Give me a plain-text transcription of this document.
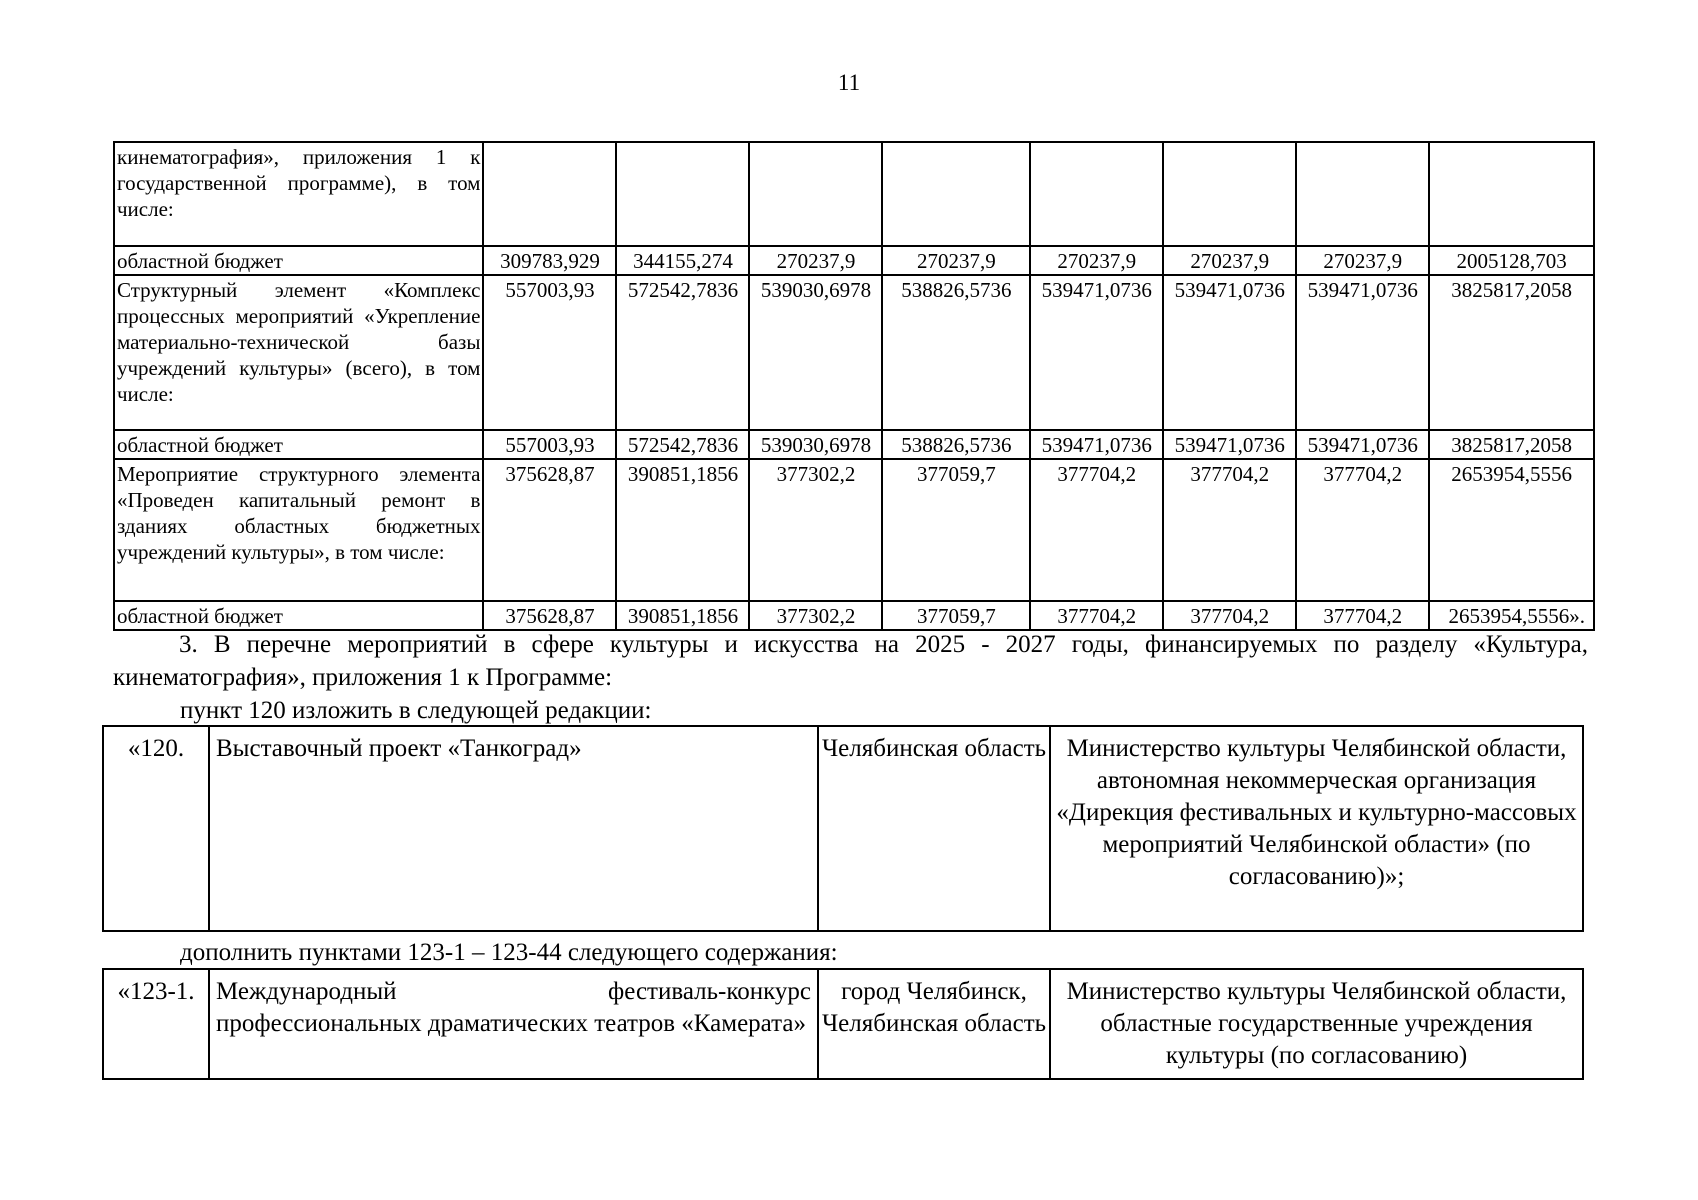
11
кинематография», приложения 1 к государственной программе), в том числе:								
областной бюджет	309783,929	344155,274	270237,9	270237,9	270237,9	270237,9	270237,9	2005128,703
Структурный элемент «Комплекс процессных мероприятий «Укрепление материально-технической базы учреждений культуры» (всего), в том числе:	557003,93	572542,7836	539030,6978	538826,5736	539471,0736	539471,0736	539471,0736	3825817,2058
областной бюджет	557003,93	572542,7836	539030,6978	538826,5736	539471,0736	539471,0736	539471,0736	3825817,2058
Мероприятие структурного элемента «Проведен капитальный ремонт в зданиях областных бюджетных учреждений культуры», в том числе:	375628,87	390851,1856	377302,2	377059,7	377704,2	377704,2	377704,2	2653954,5556
областной бюджет	375628,87	390851,1856	377302,2	377059,7	377704,2	377704,2	377704,2	2653954,5556».
3. В перечне мероприятий в сфере культуры и искусства на 2025 - 2027 годы, финансируемых по разделу «Культура, кинематография», приложения 1 к Программе:
пункт 120 изложить в следующей редакции:
«120.	Выставочный проект «Танкоград»	Челябинская область	Министерство культуры Челябинской области, автономная некоммерческая организация «Дирекция фестивальных и культурно-массовых мероприятий Челябинской области» (по согласованию)»;
дополнить пунктами 123-1 – 123-44 следующего содержания:
«123-1.	Международный фестиваль-конкурс профессиональных драматических театров «Камерата»	город Челябинск, Челябинская область	Министерство культуры Челябинской области, областные государственные учреждения культуры (по согласованию)
